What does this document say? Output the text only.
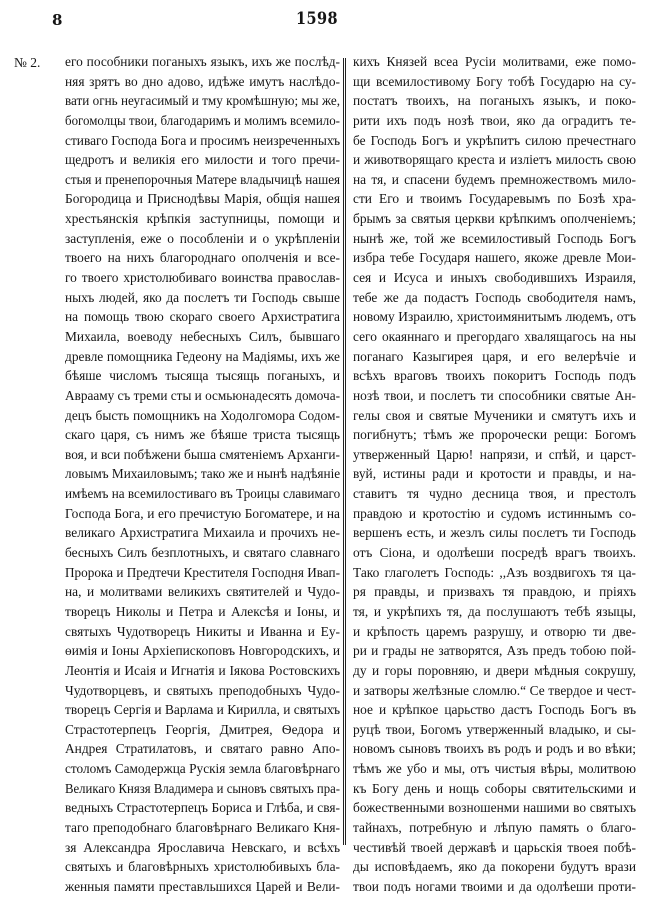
8	1598
№ 2. его пособники поганыхъ языкъ, ихъ же послѣд-
няя зрятъ во дно адово, идѣже имутъ наслѣдо-
вати огнь неугасимый и тму кромѣшную; мы же,
богомолцы твои, благодаримъ и молимъ всемило-
стиваго Господа Бога и просимъ неизреченныхъ
щедротъ и великія его милости и того пречи-
стыя и пренепорочныя Матере владычицѣ нашея
Богородица и Приснодѣвы Марія, общія нашея
хрестьянскія крѣпкія заступницы, помощи и
заступленія, еже о пособленіи и о укрѣпленіи
твоего на нихъ благороднаго ополченія и все-
го твоего христолюбиваго воинства православ-
ныхъ людей, яко да послетъ ти Господь свыше
на помощь твою скораго своего Архистратига
Михаила, воеводу небесныхъ Силъ, бывшаго
древле помощника Гедеону на Мадіямы, ихъ же
бѣяше числомъ тысяща тысящь поганыхъ, и
Авраамy съ треми сты и осмьюнадесять домоча-
децъ бысть помощникъ на Ходолгомора Содом-
скаго царя, съ нимъ же бѣяше триста тысящь
воя, и вси побѣжени быша смятеніемъ Арханги-
ловымъ Михаиловымъ; тако же и нынѣ надѣяніе
имѣемъ на всемилостиваго въ Троицы славимаго
Господа Бога, и его пречистую Богоматере, и на
великаго Архистратига Михаила и прочихъ не-
бесныхъ Силъ безплотныхъ, и святаго славнаго
Пророка и Предтечи Крестителя Господня Ивап-
на, и молитвами великихъ святителей и Чудо-
творецъ Николы и Петра и Алексѣя и Іоны, и
святыхъ Чудотворецъ Никиты и Иванна и Еу-
ѳимія и Іоны Архіепископовъ Новгородскихъ, и
Леонтія и Исаія и Игнатія и Іякова Ростовскихъ
Чудотворцевъ, и святыхъ преподобныхъ Чудо-
творецъ Сергія и Варлама и Кирилла, и святыхъ
Страстотерпецъ Георгія, Дмитрея, Ѳедора и
Андрея Стратилатовъ, и святаго равно Апо-
столомъ Самодержца Рускія земла благовѣрнаго
Великаго Князя Владимера и сыновъ святыхъ пра-
ведныхъ Страстотерпецъ Бориса и Глѣба, и свя-
таго преподобнаго благовѣрнаго Великаго Кня-
зя Александра Ярославича Невскаго, и всѣхъ
святыхъ и благовѣрныхъ христолюбивыхъ бла-
женныя памяти преставльшихся Царей и Вели-
кихъ Князей всеа Русіи молитвами, еже помо-
щи всемилостивому Богу тобѣ Государю на су-
постатъ твоихъ, на поганыхъ языкъ, и поко-
рити ихъ подъ нозѣ твои, яко да оградитъ те-
бе Господь Богъ и укрѣпитъ силою пречестнаго
и животворящаго креста и излiетъ милость свою
на тя, и спасени будемъ премножествомъ мило-
сти Его и твоимъ Государевымъ по Бозѣ хра-
брымъ за святыя церкви крѣпкимъ ополченіемъ;
нынѣ же, той же всемилостивый Господь Богъ
избра тебе Государя нашего, якоже древле Мои-
сея и Исуса и иныхъ свободившихъ Израиля,
тебе же да подастъ Господь свободителя намъ,
новому Израилю, христоимянитымъ людемъ, отъ
сего окаяннаго и прегордаго хвалящагось на ны
поганаго Казыгирея царя, и его велерѣчіе и
всѣхъ враговъ твоихъ покоритъ Господь подъ
нозѣ твои, и послетъ ти способники святые Ан-
гелы своя и святые Мученики и смятутъ ихъ и
погибнутъ; тѣмъ же пророчески рещи: Богомъ
утверженный Царю! напрязи, и спѣй, и царст-
вуй, истины ради и кротости и правды, и на-
ставитъ тя чудно десница твоя, и престолъ
правдою и кротостію и судомъ истиннымъ со-
вершенъ есть, и жезлъ силы послетъ ти Господь
отъ Сіона, и одолѣеши посредѣ врагъ твоихъ.
Тако глаголетъ Господь: ,,Азъ воздвигохъ тя ца-
ря правды, и призвахъ тя правдою, и пріяхъ
тя, и укрѣпихъ тя, да послушаютъ тебѣ языцы,
и крѣпость царемъ разрушу, и отворю ти две-
ри и грады не затворятся, Азъ предъ тобою пой-
ду и горы поровняю, и двери мѣдныя сокрушу,
и затворы желѣзные сломлю.“ Се твердое и чест-
ное и крѣпкое царьство дастъ Господь Богъ въ
руцѣ твои, Богомъ утверженный владыко, и сы-
новомъ сыновъ твоихъ въ родъ и родъ и во вѣки;
тѣмъ же убо и мы, отъ чистыя вѣры, молитвою
къ Богу день и нощь соборы святительскими и
божественными возношенми нашими во святыхъ
тайнахъ, потребную и лѣпую память о благо-
честивѣй твоей державѣ и царьскія твоея побѣ-
ды исповѣдаемъ, яко да покорени будутъ врази
твои подъ ногами твоими и да одолѣеши проти-
